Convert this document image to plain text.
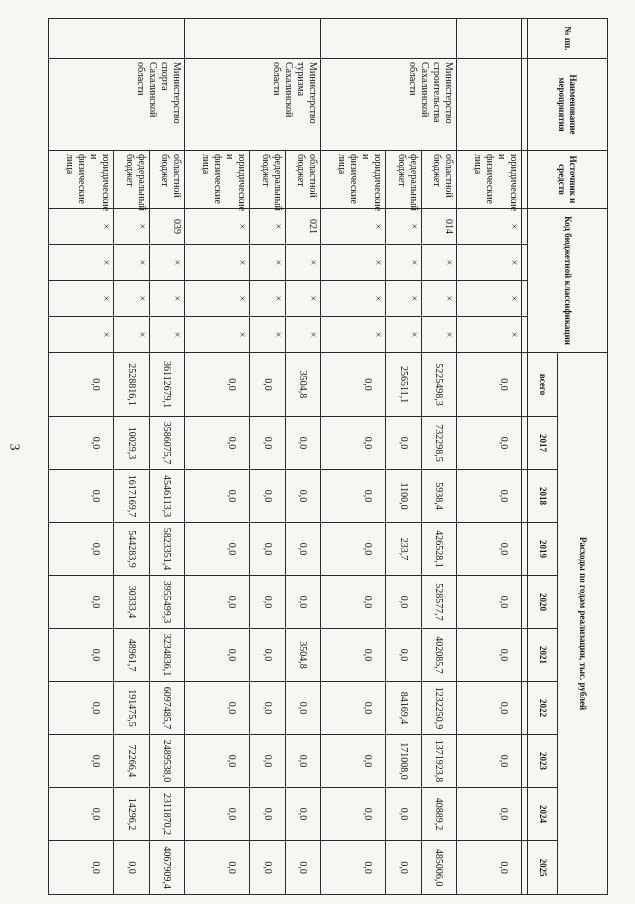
3
№ пп.	Наименование мероприятия	Источник и средств	Код бюджетной классификации				Расходы по годам реализации, тыс. рублей									
							всего	2017	2018	2019	2020	2021	2022	2023	2024	2025

		юридические и физические лица	×	×	×	×	0,0	0,0	0,0	0,0	0,0	0,0	0,0	0,0	0,0	0,0
	Министерство строительства Сахалинской области	областной бюджет	014	×	×	×	5225498,3	732298,5	5938,4	426528,1	528577,7	402085,7	1232250,9	1371923,8	40889,2	485006,0
		федеральный бюджет	×	×	×	×	256511,1	0,0	1100,0	233,7	0,0	0,0	84169,4	171008,0	0,0	0,0
		юридические и физические лица	×	×	×	×	0,0	0,0	0,0	0,0	0,0	0,0	0,0	0,0	0,0	0,0
	Министерство туризма Сахалинской области	областной бюджет	021	×	×	×	3504,8	0,0	0,0	0,0	0,0	3504,8	0,0	0,0	0,0	0,0
		федеральный бюджет	×	×	×	×	0,0	0,0	0,0	0,0	0,0	0,0	0,0	0,0	0,0	0,0
		юридические и физические лица	×	×	×	×	0,0	0,0	0,0	0,0	0,0	0,0	0,0	0,0	0,0	0,0
	Министерство спорта Сахалинской области	областной бюджет	039	×	×	×	36112679,1	3586075,7	4546113,3	5823351,4	3955499,3	3234836,1	6097485,7	2489538,0	2311870,2	4067909,4
		федеральный бюджет	×	×	×	×	2528816,1	10029,3	1617169,7	544283,9	30333,4	48961,7	191475,5	72266,4	14296,2	0,0
		юридические и физические лица	×	×	×	×	0,0	0,0	0,0	0,0	0,0	0,0	0,0	0,0	0,0	0,0
